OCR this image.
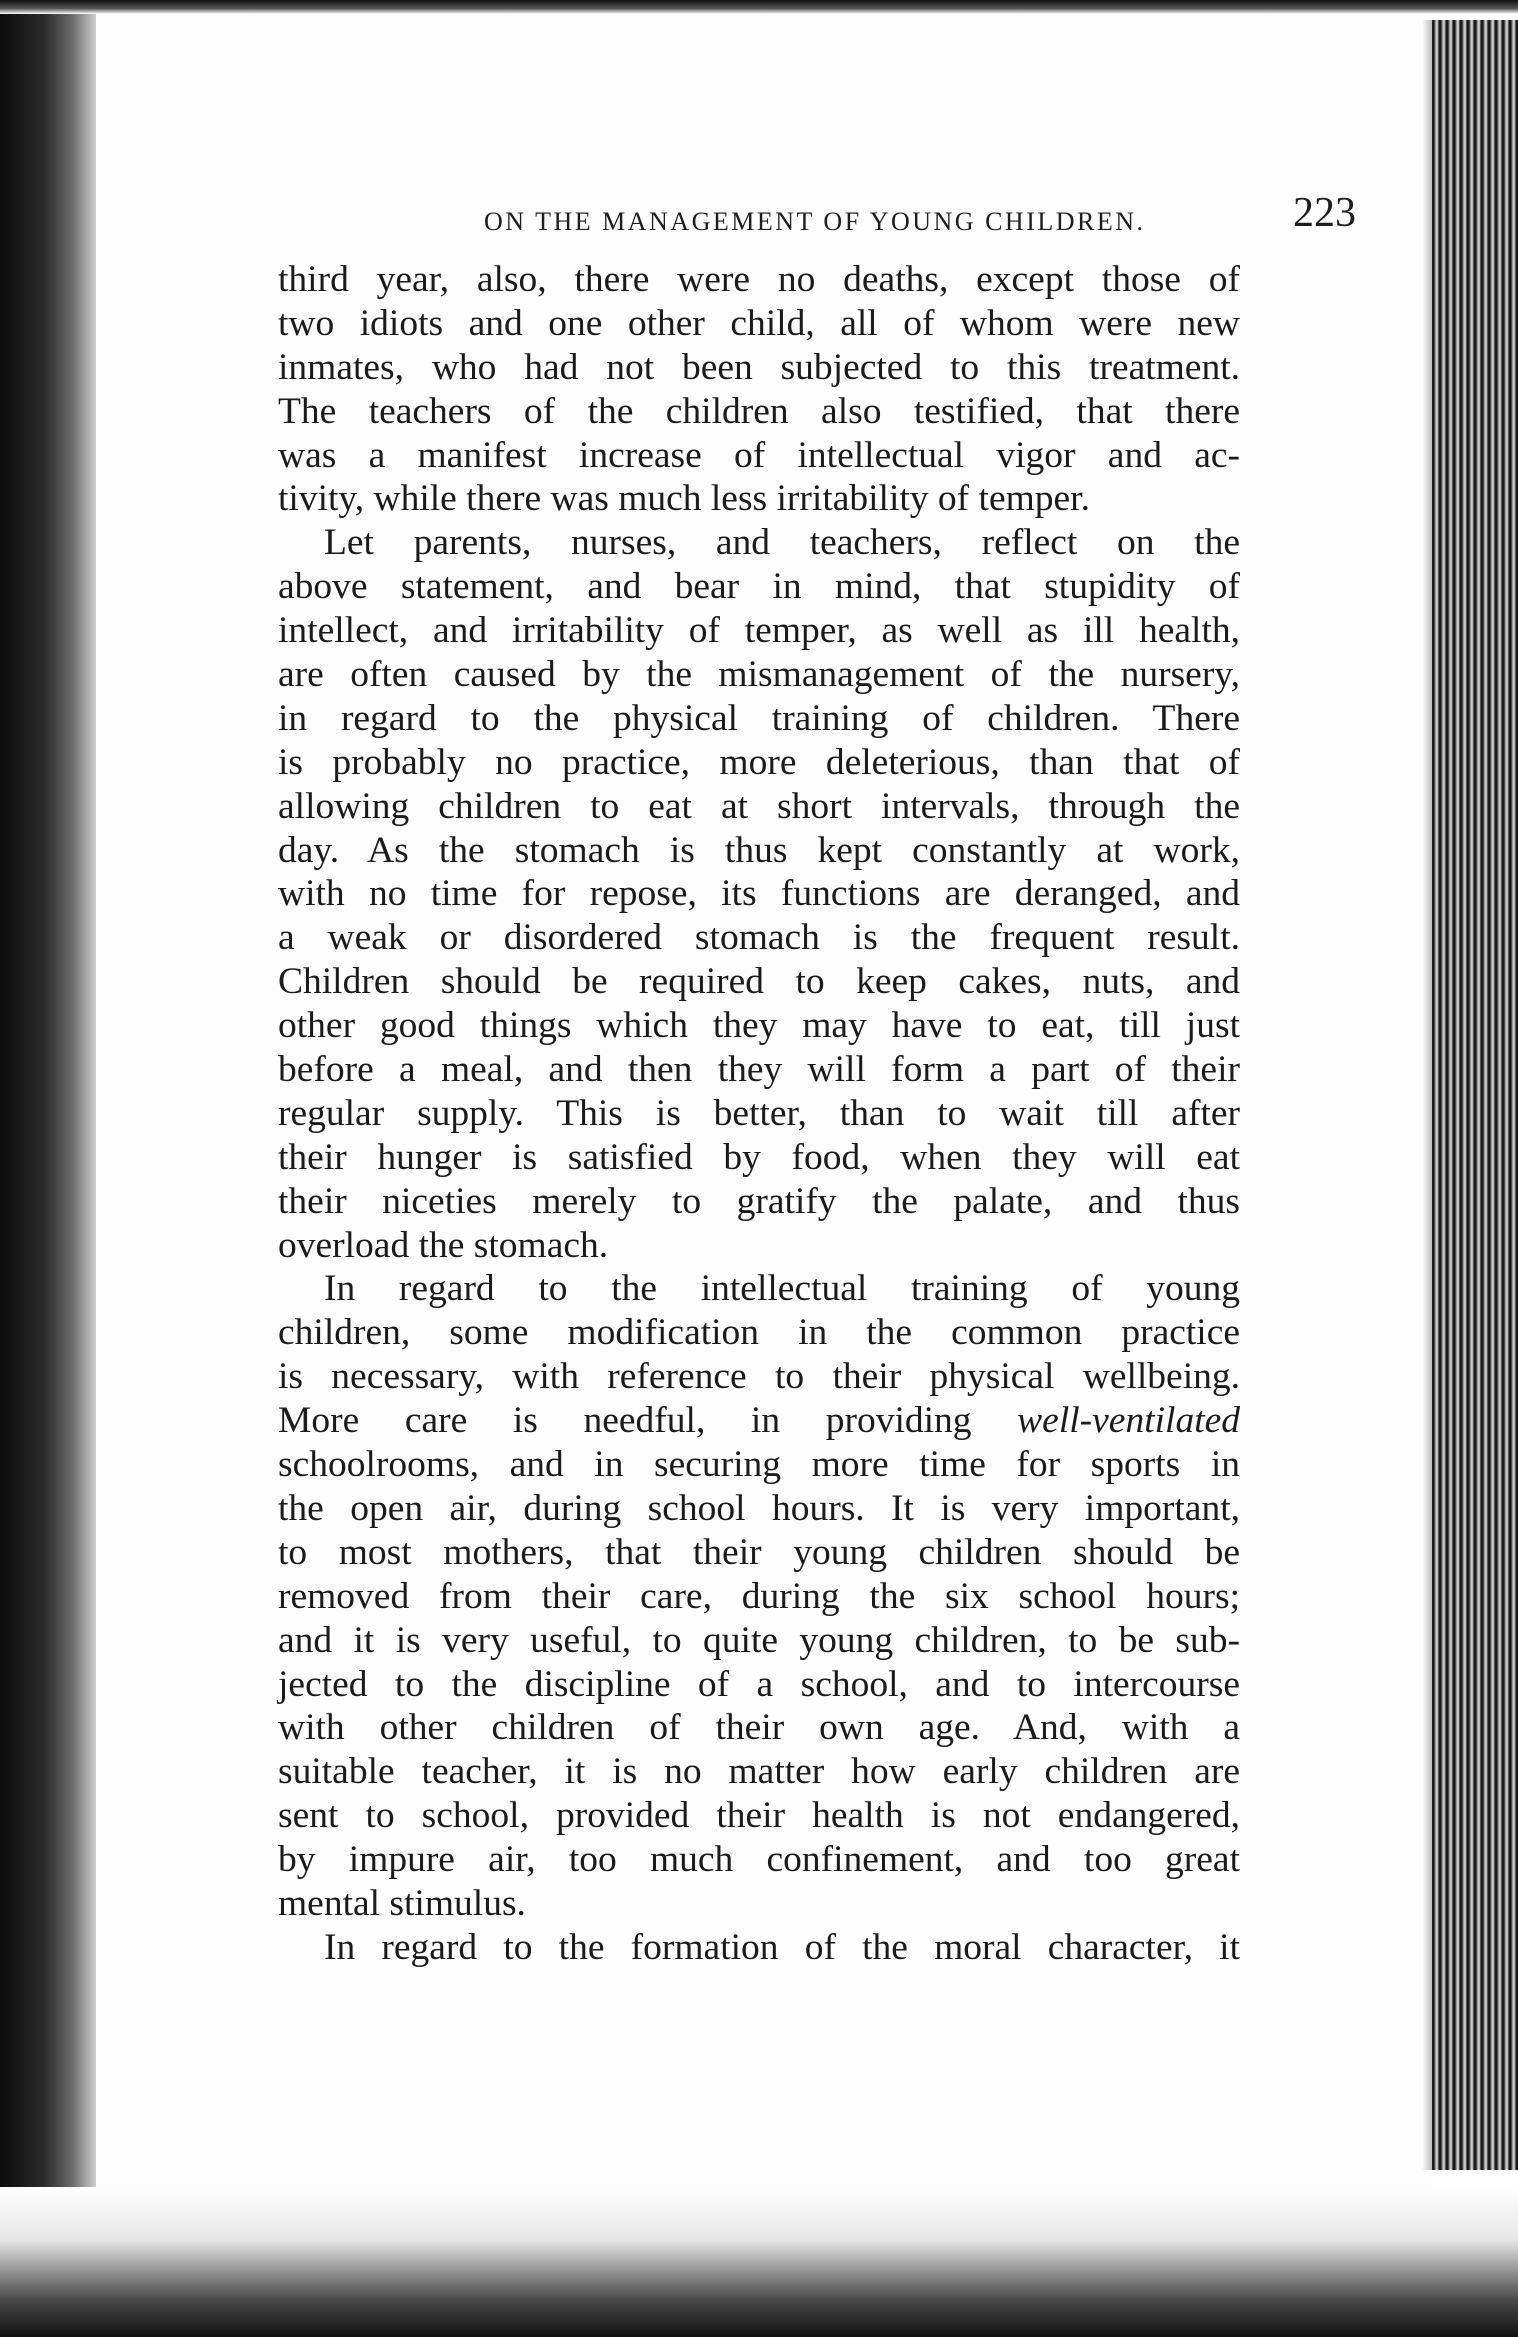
ON THE MANAGEMENT OF YOUNG CHILDREN.	223
third year, also, there were no deaths, except those of
two idiots and one other child, all of whom were new
inmates, who had not been subjected to this treatment.
The teachers of the children also testified, that there
was a manifest increase of intellectual vigor and ac-
tivity, while there was much less irritability of temper.
Let parents, nurses, and teachers, reflect on the
above statement, and bear in mind, that stupidity of
intellect, and irritability of temper, as well as ill health,
are often caused by the mismanagement of the nursery,
in regard to the physical training of children. There
is probably no practice, more deleterious, than that of
allowing children to eat at short intervals, through the
day. As the stomach is thus kept constantly at work,
with no time for repose, its functions are deranged, and
a weak or disordered stomach is the frequent result.
Children should be required to keep cakes, nuts, and
other good things which they may have to eat, till just
before a meal, and then they will form a part of their
regular supply. This is better, than to wait till after
their hunger is satisfied by food, when they will eat
their niceties merely to gratify the palate, and thus
overload the stomach.
In regard to the intellectual training of young
children, some modification in the common practice
is necessary, with reference to their physical wellbeing.
More care is needful, in providing well-ventilated
schoolrooms, and in securing more time for sports in
the open air, during school hours. It is very important,
to most mothers, that their young children should be
removed from their care, during the six school hours;
and it is very useful, to quite young children, to be sub-
jected to the discipline of a school, and to intercourse
with other children of their own age. And, with a
suitable teacher, it is no matter how early children are
sent to school, provided their health is not endangered,
by impure air, too much confinement, and too great
mental stimulus.
In regard to the formation of the moral character, it
